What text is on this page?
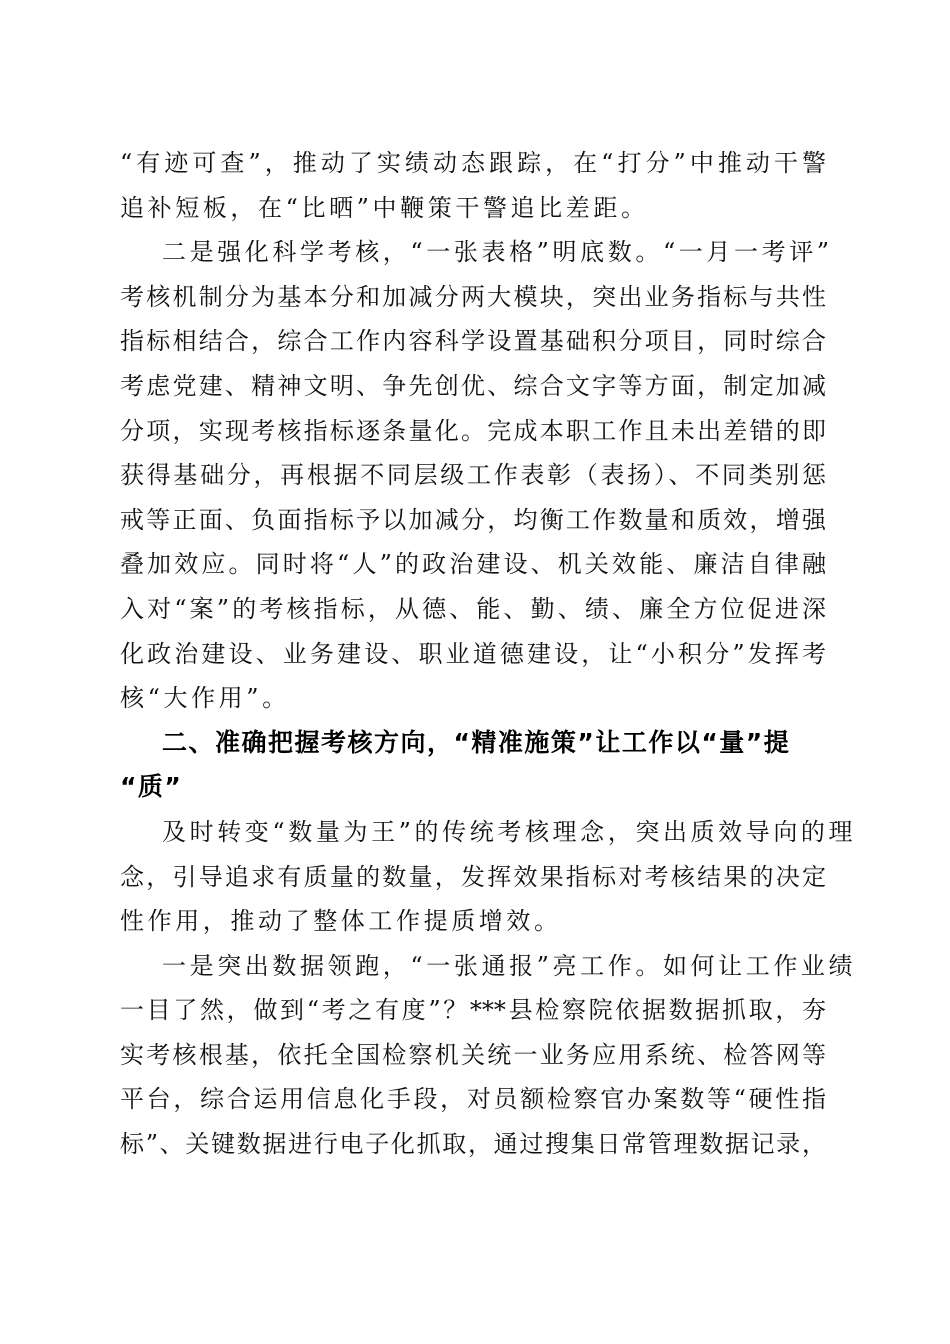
“有迹可查”，推动了实绩动态跟踪，在“打分”中推动干警
追补短板，在“比晒”中鞭策干警追比差距。
二是强化科学考核，“一张表格”明底数。“一月一考评”
考核机制分为基本分和加减分两大模块，突出业务指标与共性
指标相结合，综合工作内容科学设置基础积分项目，同时综合
考虑党建、精神文明、争先创优、综合文字等方面，制定加减
分项，实现考核指标逐条量化。完成本职工作且未出差错的即
获得基础分，再根据不同层级工作表彰（表扬）、不同类别惩
戒等正面、负面指标予以加减分，均衡工作数量和质效，增强
叠加效应。同时将“人”的政治建设、机关效能、廉洁自律融
入对“案”的考核指标，从德、能、勤、绩、廉全方位促进深
化政治建设、业务建设、职业道德建设，让“小积分”发挥考
核“大作用”。
二、准确把握考核方向，“精准施策”让工作以“量”提
“质”
及时转变“数量为王”的传统考核理念，突出质效导向的理
念，引导追求有质量的数量，发挥效果指标对考核结果的决定
性作用，推动了整体工作提质增效。
一是突出数据领跑，“一张通报”亮工作。如何让工作业绩
一目了然，做到“考之有度”？***县检察院依据数据抓取，夯
实考核根基，依托全国检察机关统一业务应用系统、检答网等
平台，综合运用信息化手段，对员额检察官办案数等“硬性指
标”、关键数据进行电子化抓取，通过搜集日常管理数据记录，
